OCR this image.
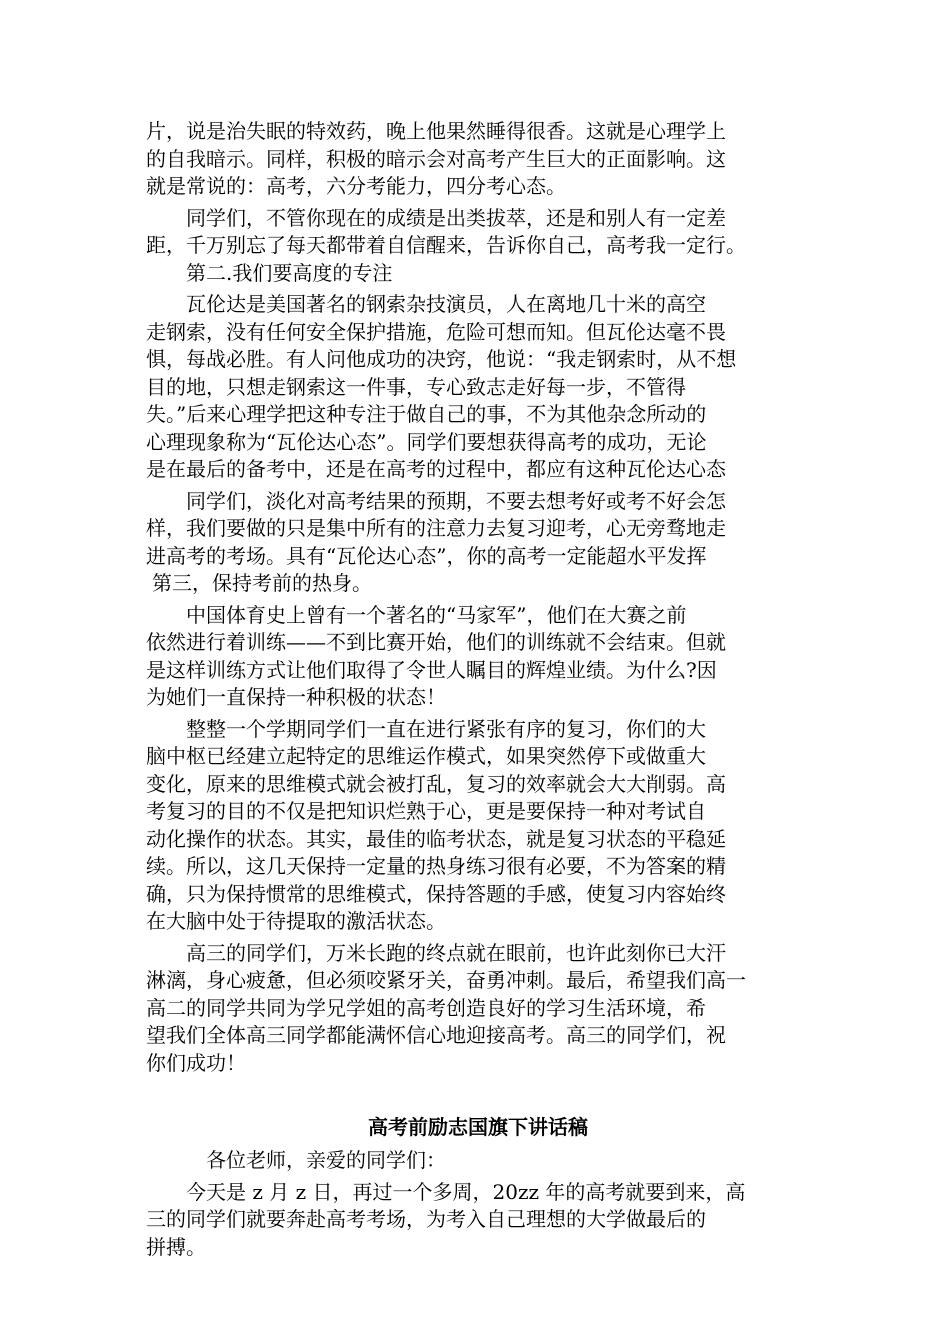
片，说是治失眠的特效药，晚上他果然睡得很香。这就是心理学上
的自我暗示。同样，积极的暗示会对高考产生巨大的正面影响。这
就是常说的：高考，六分考能力，四分考心态。
同学们，不管你现在的成绩是出类拔萃，还是和别人有一定差
距，千万别忘了每天都带着自信醒来，告诉你自己，高考我一定行。
第二.我们要高度的专注
瓦伦达是美国著名的钢索杂技演员，人在离地几十米的高空
走钢索，没有任何安全保护措施，危险可想而知。但瓦伦达毫不畏
惧，每战必胜。有人问他成功的决窍，他说：“我走钢索时，从不想
目的地，只想走钢索这一件事，专心致志走好每一步，不管得
失。”后来心理学把这种专注于做自己的事，不为其他杂念所动的
心理现象称为“瓦伦达心态”。同学们要想获得高考的成功，无论
是在最后的备考中，还是在高考的过程中，都应有这种瓦伦达心态
同学们，淡化对高考结果的预期，不要去想考好或考不好会怎
样，我们要做的只是集中所有的注意力去复习迎考，心无旁骛地走
进高考的考场。具有“瓦伦达心态”，你的高考一定能超水平发挥
第三，保持考前的热身。
中国体育史上曾有一个著名的“马家军”，他们在大赛之前
依然进行着训练——不到比赛开始，他们的训练就不会结束。但就
是这样训练方式让他们取得了令世人瞩目的辉煌业绩。为什么?因
为她们一直保持一种积极的状态！
整整一个学期同学们一直在进行紧张有序的复习，你们的大
脑中枢已经建立起特定的思维运作模式，如果突然停下或做重大
变化，原来的思维模式就会被打乱，复习的效率就会大大削弱。高
考复习的目的不仅是把知识烂熟于心，更是要保持一种对考试自
动化操作的状态。其实，最佳的临考状态，就是复习状态的平稳延
续。所以，这几天保持一定量的热身练习很有必要，不为答案的精
确，只为保持惯常的思维模式，保持答题的手感，使复习内容始终
在大脑中处于待提取的激活状态。
高三的同学们，万米长跑的终点就在眼前，也许此刻你已大汗
淋漓，身心疲惫，但必须咬紧牙关，奋勇冲刺。最后，希望我们高一
高二的同学共同为学兄学姐的高考创造良好的学习生活环境，希
望我们全体高三同学都能满怀信心地迎接高考。高三的同学们，祝
你们成功！
高考前励志国旗下讲话稿
各位老师，亲爱的同学们：
今天是 z 月 z 日，再过一个多周，20zz 年的高考就要到来，高
三的同学们就要奔赴高考考场，为考入自己理想的大学做最后的
拼搏。
